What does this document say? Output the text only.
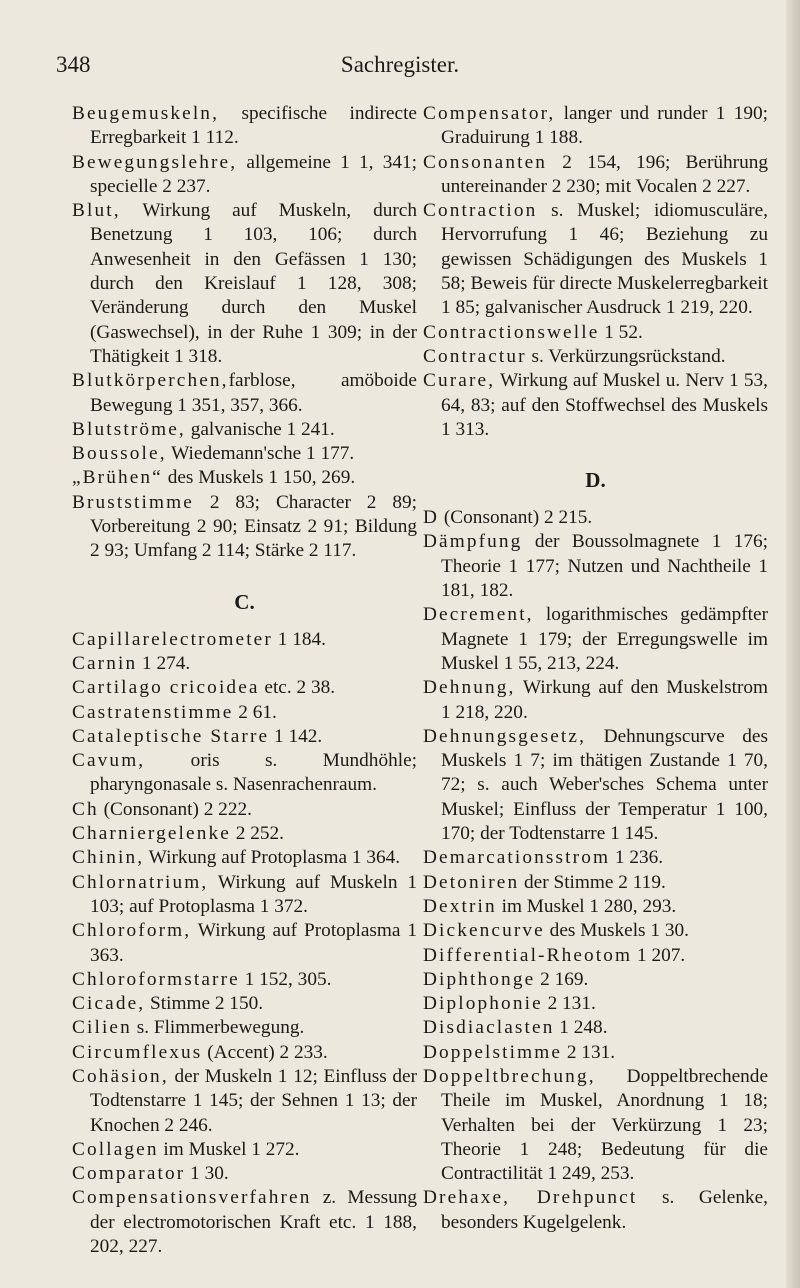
348	Sachregister.
Beugemuskeln, specifische indirecte Erregbarkeit 1 112.
Bewegungslehre, allgemeine 1 1, 341; specielle 2 237.
Blut, Wirkung auf Muskeln, durch Benetzung 1 103, 106; durch Anwesenheit in den Gefässen 1 130; durch den Kreislauf 1 128, 308; Veränderung durch den Muskel (Gaswechsel), in der Ruhe 1 309; in der Thätigkeit 1 318.
Blutkörperchen,farblose, amöboide Bewegung 1 351, 357, 366.
Blutströme, galvanische 1 241.
Boussole, Wiedemann'sche 1 177.
„Brühen“ des Muskels 1 150, 269.
Bruststimme 2 83; Character 2 89; Vorbereitung 2 90; Einsatz 2 91; Bildung 2 93; Umfang 2 114; Stärke 2 117.
C.
Capillarelectrometer 1 184.
Carnin 1 274.
Cartilago cricoidea etc. 2 38.
Castratenstimme 2 61.
Cataleptische Starre 1 142.
Cavum, oris s. Mundhöhle; pharyngonasale s. Nasenrachenraum.
Ch (Consonant) 2 222.
Charniergelenke 2 252.
Chinin, Wirkung auf Protoplasma 1 364.
Chlornatrium, Wirkung auf Muskeln 1 103; auf Protoplasma 1 372.
Chloroform, Wirkung auf Protoplasma 1 363.
Chloroformstarre 1 152, 305.
Cicade, Stimme 2 150.
Cilien s. Flimmerbewegung.
Circumflexus (Accent) 2 233.
Cohäsion, der Muskeln 1 12; Einfluss der Todtenstarre 1 145; der Sehnen 1 13; der Knochen 2 246.
Collagen im Muskel 1 272.
Comparator 1 30.
Compensationsverfahren z. Messung der electromotorischen Kraft etc. 1 188, 202, 227.
Compensator, langer und runder 1 190; Graduirung 1 188.
Consonanten 2 154, 196; Berührung untereinander 2 230; mit Vocalen 2 227.
Contraction s. Muskel; idiomusculäre, Hervorrufung 1 46; Beziehung zu gewissen Schädigungen des Muskels 1 58; Beweis für directe Muskelerregbarkeit 1 85; galvanischer Ausdruck 1 219, 220.
Contractionswelle 1 52.
Contractur s. Verkürzungsrückstand.
Curare, Wirkung auf Muskel u. Nerv 1 53, 64, 83; auf den Stoffwechsel des Muskels 1 313.
D.
D (Consonant) 2 215.
Dämpfung der Boussolmagnete 1 176; Theorie 1 177; Nutzen und Nachtheile 1 181, 182.
Decrement, logarithmisches gedämpfter Magnete 1 179; der Erregungswelle im Muskel 1 55, 213, 224.
Dehnung, Wirkung auf den Muskelstrom 1 218, 220.
Dehnungsgesetz, Dehnungscurve des Muskels 1 7; im thätigen Zustande 1 70, 72; s. auch Weber'sches Schema unter Muskel; Einfluss der Temperatur 1 100, 170; der Todtenstarre 1 145.
Demarcationsstrom 1 236.
Detoniren der Stimme 2 119.
Dextrin im Muskel 1 280, 293.
Dickencurve des Muskels 1 30.
Differential-Rheotom 1 207.
Diphthonge 2 169.
Diplophonie 2 131.
Disdiaclasten 1 248.
Doppelstimme 2 131.
Doppeltbrechung, Doppeltbrechende Theile im Muskel, Anordnung 1 18; Verhalten bei der Verkürzung 1 23; Theorie 1 248; Bedeutung für die Contractilität 1 249, 253.
Drehaxe, Drehpunct s. Gelenke, besonders Kugelgelenk.
